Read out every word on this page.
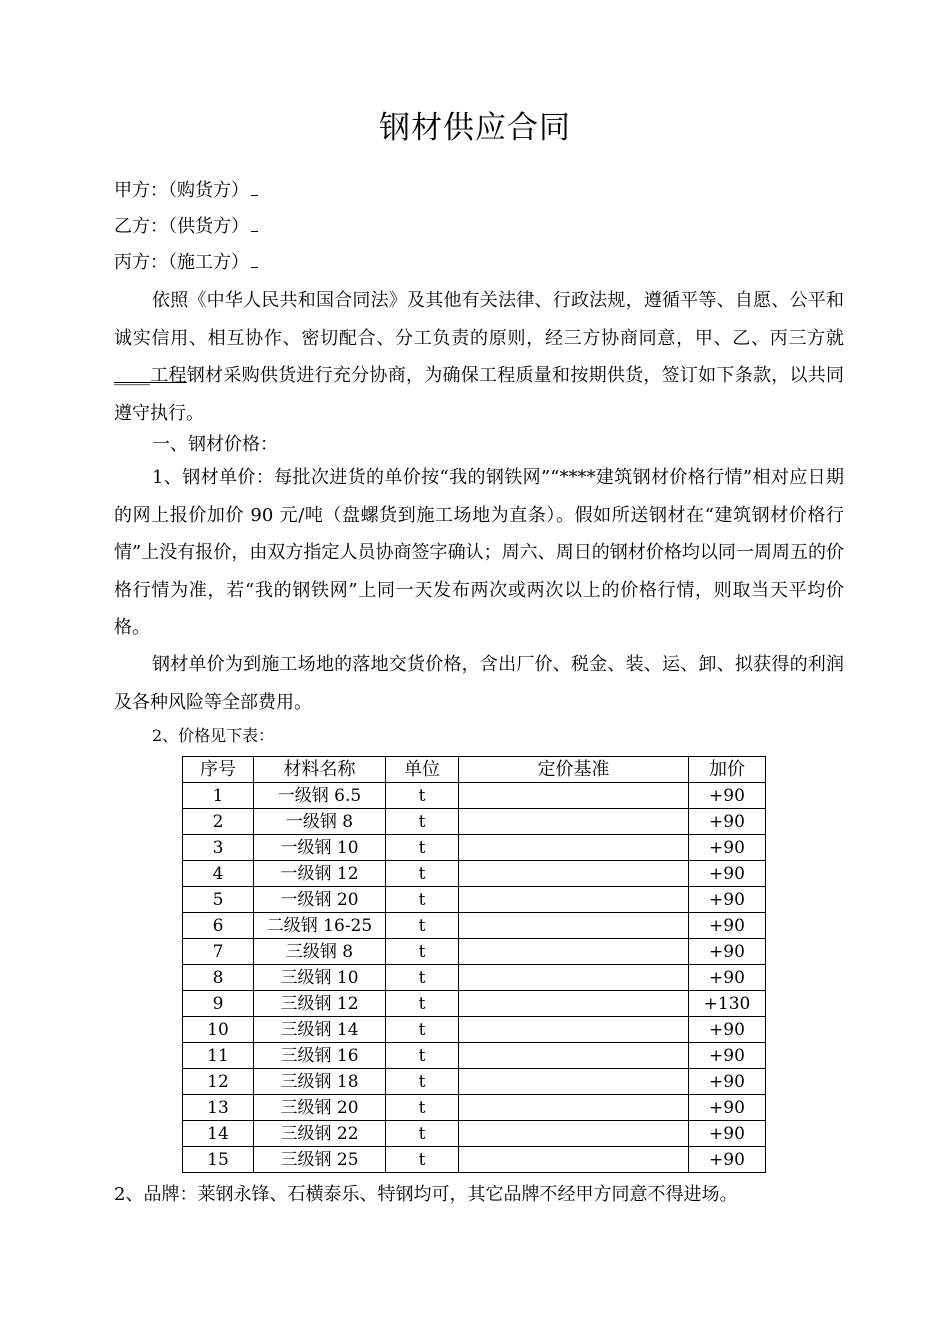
钢材供应合同
甲方：（购货方）
乙方：（供货方）
丙方：（施工方）
依照《中华人民共和国合同法》及其他有关法律、行政法规，遵循平等、自愿、公平和诚实信用、相互协作、密切配合、分工负责的原则，经三方协商同意，甲、乙、丙三方就____工程钢材采购供货进行充分协商，为确保工程质量和按期供货，签订如下条款，以共同遵守执行。
一、钢材价格：
1、钢材单价：每批次进货的单价按“我的钢铁网”“****建筑钢材价格行情”相对应日期的网上报价加价 90 元/吨（盘螺货到施工场地为直条）。假如所送钢材在“建筑钢材价格行情”上没有报价，由双方指定人员协商签字确认；周六、周日的钢材价格均以同一周周五的价格行情为准，若“我的钢铁网”上同一天发布两次或两次以上的价格行情，则取当天平均价格。
钢材单价为到施工场地的落地交货价格，含出厂价、税金、装、运、卸、拟获得的利润及各种风险等全部费用。
2、价格见下表：
序号	材料名称	单位	定价基准	加价
1	一级钢 6.5	t		+90
2	一级钢 8	t		+90
3	一级钢 10	t		+90
4	一级钢 12	t		+90
5	一级钢 20	t		+90
6	二级钢 16-25	t		+90
7	三级钢 8	t		+90
8	三级钢 10	t		+90
9	三级钢 12	t		+130
10	三级钢 14	t		+90
11	三级钢 16	t		+90
12	三级钢 18	t		+90
13	三级钢 20	t		+90
14	三级钢 22	t		+90
15	三级钢 25	t		+90
2、品牌：莱钢永锋、石横泰乐、特钢均可，其它品牌不经甲方同意不得进场。
